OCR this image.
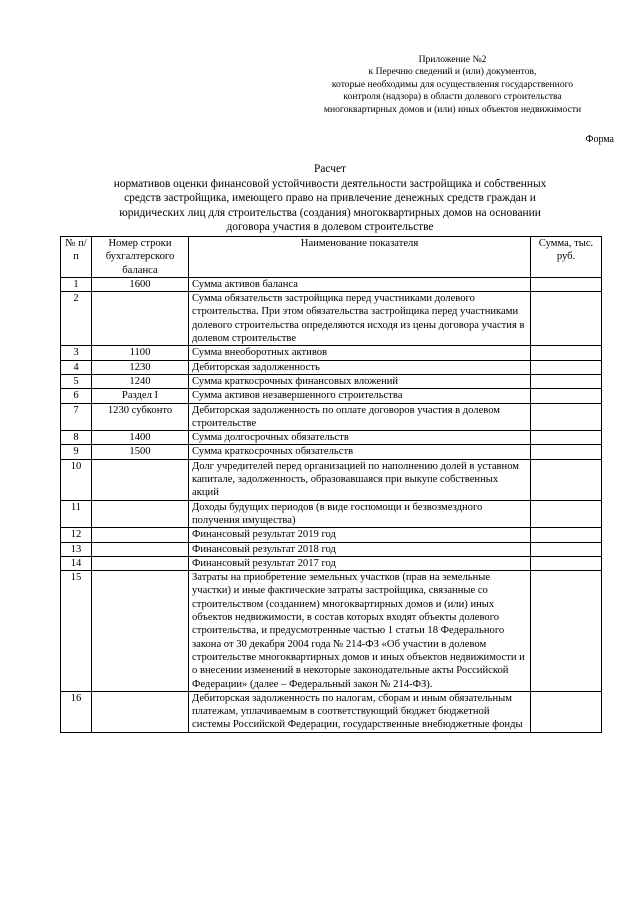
Приложение №2
к Перечню сведений и (или) документов,
которые необходимы для осуществления государственного
контроля (надзора) в области долевого строительства
многоквартирных домов и (или) иных объектов недвижимости
Форма
Расчет
нормативов оценки финансовой устойчивости деятельности застройщика и собственных
средств застройщика, имеющего право на привлечение денежных средств граждан и
юридических лиц для строительства (создания) многоквартирных домов на основании
договора участия в долевом строительстве
№ п/п	Номер строки бухгалтерского баланса	Наименование показателя	Сумма, тыс. руб.
1	1600	Сумма активов баланса	
2		Сумма обязательств застройщика перед участниками долевого строительства. При этом обязательства застройщика перед участниками долевого строительства определяются исходя из цены договора участия в долевом строительстве	
3	1100	Сумма внеоборотных активов	
4	1230	Дебиторская задолженность	
5	1240	Сумма краткосрочных финансовых вложений	
6	Раздел I	Сумма активов незавершенного строительства	
7	1230 субконто	Дебиторская задолженность по оплате договоров участия в долевом строительстве	
8	1400	Сумма долгосрочных обязательств	
9	1500	Сумма краткосрочных обязательств	
10		Долг учредителей перед организацией по наполнению долей в уставном капитале, задолженность, образовавшаяся при выкупе собственных акций	
11		Доходы будущих периодов (в виде госпомощи и безвозмездного получения имущества)	
12		Финансовый результат 2019 год	
13		Финансовый результат 2018 год	
14		Финансовый результат 2017 год	
15		Затраты на приобретение земельных участков (прав на земельные участки) и иные фактические затраты застройщика, связанные со строительством (созданием) многоквартирных домов и (или) иных объектов недвижимости, в состав которых входят объекты долевого строительства, и предусмотренные частью 1 статьи 18 Федерального закона от 30 декабря 2004 года № 214-ФЗ «Об участии в долевом строительстве многоквартирных домов и иных объектов недвижимости и о внесении изменений в некоторые законодательные акты Российской Федерации» (далее – Федеральный закон № 214-ФЗ).	
16		Дебиторская задолженность по налогам, сборам и иным обязательным платежам, уплачиваемым в соответствующий бюджет бюджетной системы Российской Федерации, государственные внебюджетные фонды	
